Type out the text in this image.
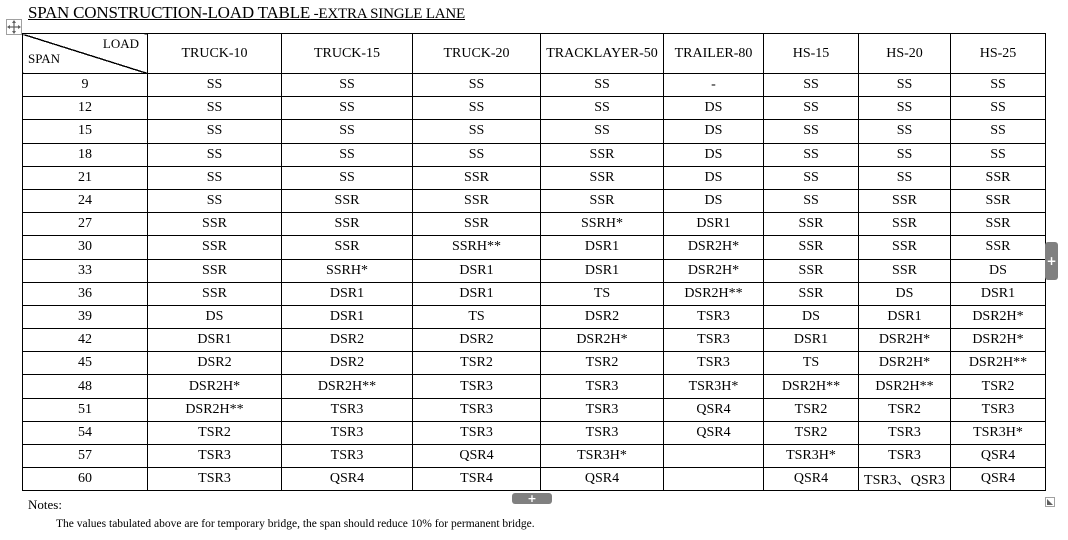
SPAN CONSTRUCTION-LOAD TABLE -EXTRA SINGLE LANE
LOAD
SPAN	TRUCK-10	TRUCK-15	TRUCK-20	TRACKLAYER-50	TRAILER-80	HS-15	HS-20	HS-25
9	SS	SS	SS	SS	-	SS	SS	SS
12	SS	SS	SS	SS	DS	SS	SS	SS
15	SS	SS	SS	SS	DS	SS	SS	SS
18	SS	SS	SS	SSR	DS	SS	SS	SS
21	SS	SS	SSR	SSR	DS	SS	SS	SSR
24	SS	SSR	SSR	SSR	DS	SS	SSR	SSR
27	SSR	SSR	SSR	SSRH*	DSR1	SSR	SSR	SSR
30	SSR	SSR	SSRH**	DSR1	DSR2H*	SSR	SSR	SSR
33	SSR	SSRH*	DSR1	DSR1	DSR2H*	SSR	SSR	DS
36	SSR	DSR1	DSR1	TS	DSR2H**	SSR	DS	DSR1
39	DS	DSR1	TS	DSR2	TSR3	DS	DSR1	DSR2H*
42	DSR1	DSR2	DSR2	DSR2H*	TSR3	DSR1	DSR2H*	DSR2H*
45	DSR2	DSR2	TSR2	TSR2	TSR3	TS	DSR2H*	DSR2H**
48	DSR2H*	DSR2H**	TSR3	TSR3	TSR3H*	DSR2H**	DSR2H**	TSR2
51	DSR2H**	TSR3	TSR3	TSR3	QSR4	TSR2	TSR2	TSR3
54	TSR2	TSR3	TSR3	TSR3	QSR4	TSR2	TSR3	TSR3H*
57	TSR3	TSR3	QSR4	TSR3H*		TSR3H*	TSR3	QSR4
60	TSR3	QSR4	TSR4	QSR4		QSR4	TSR3、QSR3	QSR4
+
+
Notes:
The values tabulated above are for temporary bridge, the span should reduce 10% for permanent bridge.
